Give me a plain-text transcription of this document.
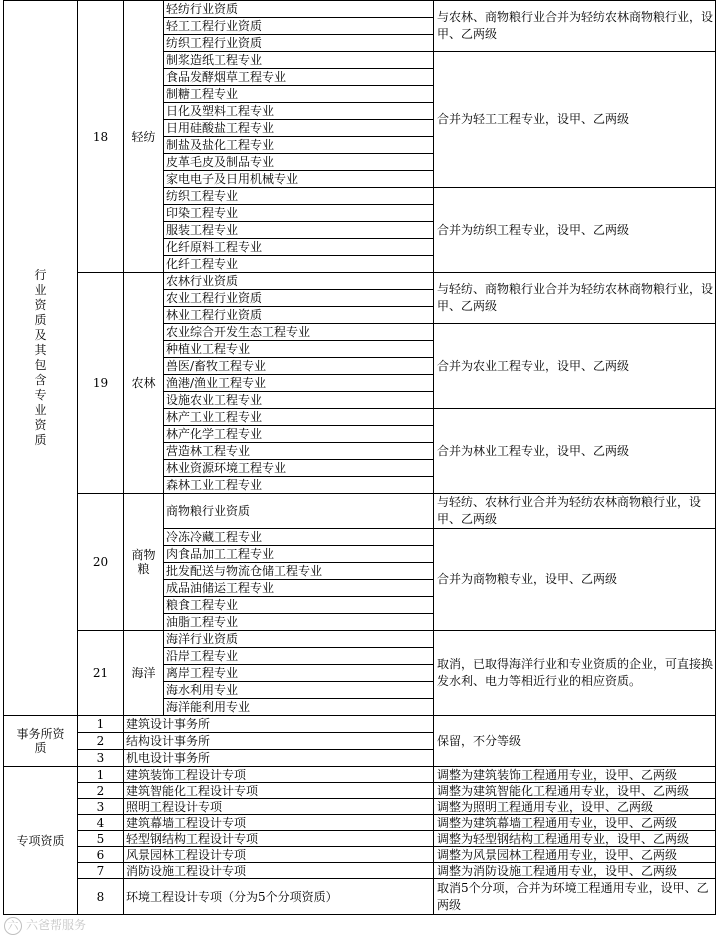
行业资质及其包含专业资质	18	轻纺	轻纺行业资质	与农林、商物粮行业合并为轻纺农林商物粮行业，设甲、乙两级
			轻工工程行业资质	
			纺织工程行业资质	
			制浆造纸工程专业	合并为轻工工程专业，设甲、乙两级
			食品发酵烟草工程专业	
			制糖工程专业	
			日化及塑料工程专业	
			日用硅酸盐工程专业	
			制盐及盐化工程专业	
			皮革毛皮及制品专业	
			家电电子及日用机械专业	
			纺织工程专业	合并为纺织工程专业，设甲、乙两级
			印染工程专业	
			服装工程专业	
			化纤原料工程专业	
			化纤工程专业	
	19	农林	农林行业资质	与轻纺、商物粮行业合并为轻纺农林商物粮行业，设甲、乙两级
			农业工程行业资质	
			林业工程行业资质	
			农业综合开发生态工程专业	合并为农业工程专业，设甲、乙两级
			种植业工程专业	
			兽医/畜牧工程专业	
			渔港/渔业工程专业	
			设施农业工程专业	
			林产工业工程专业	合并为林业工程专业，设甲、乙两级
			林产化学工程专业	
			营造林工程专业	
			林业资源环境工程专业	
			森林工业工程专业	
	20	商物粮	商物粮行业资质	与轻纺、农林行业合并为轻纺农林商物粮行业，设甲、乙两级
			冷冻冷藏工程专业	合并为商物粮专业，设甲、乙两级
			肉食品加工工程专业	
			批发配送与物流仓储工程专业	
			成品油储运工程专业	
			粮食工程专业	
			油脂工程专业	
	21	海洋	海洋行业资质	取消，已取得海洋行业和专业资质的企业，可直接换发水利、电力等相近行业的相应资质。
			沿岸工程专业	
			离岸工程专业	
			海水利用专业	
			海洋能利用专业	
事务所资质	1	建筑设计事务所		保留，不分等级
	2	结构设计事务所		
	3	机电设计事务所		
专项资质	1	建筑装饰工程设计专项		调整为建筑装饰工程通用专业，设甲、乙两级
	2	建筑智能化工程设计专项		调整为建筑智能化工程通用专业，设甲、乙两级
	3	照明工程设计专项		调整为照明工程通用专业，设甲、乙两级
	4	建筑幕墙工程设计专项		调整为建筑幕墙工程通用专业，设甲、乙两级
	5	轻型钢结构工程设计专项		调整为轻型钢结构工程通用专业，设甲、乙两级
	6	风景园林工程设计专项		调整为风景园林工程通用专业，设甲、乙两级
	7	消防设施工程设计专项		调整为消防设施工程通用专业，设甲、乙两级
	8	环境工程设计专项（分为5个分项资质）		取消5个分项，合并为环境工程通用专业，设甲、乙两级
六 六爸帮服务
